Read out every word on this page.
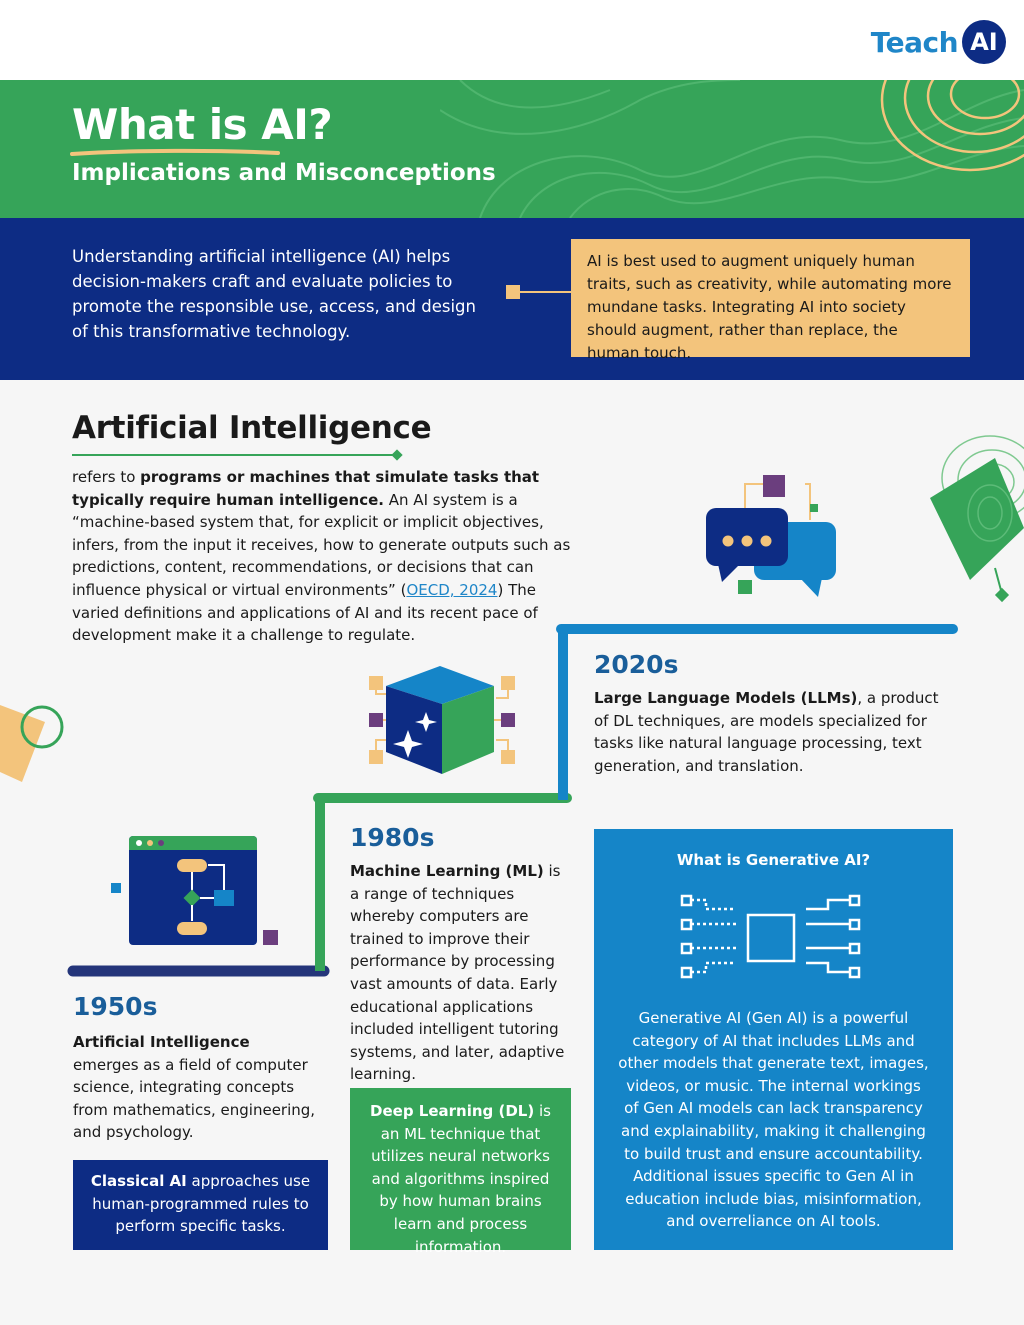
Teach AI
What is AI?
Implications and Misconceptions
Understanding artificial intelligence (AI) helps decision-makers craft and evaluate policies to promote the responsible use, access, and design of this transformative technology.
AI is best used to augment uniquely human traits, such as creativity, while automating more mundane tasks. Integrating AI into society should augment, rather than replace, the human touch.
Artificial Intelligence
refers to programs or machines that simulate tasks that typically require human intelligence. An AI system is a “machine-based system that, for explicit or implicit objectives, infers, from the input it receives, how to generate outputs such as predictions, content, recommendations, or decisions that can influence physical or virtual environments” (OECD, 2024) The varied definitions and applications of AI and its recent pace of development make it a challenge to regulate.
1950s
Artificial Intelligence emerges as a field of computer science, integrating concepts from mathematics, engineering, and psychology.
1980s
Machine Learning (ML) is a range of techniques whereby computers are trained to improve their performance by processing vast amounts of data. Early educational applications included intelligent tutoring systems, and later, adaptive learning.
2020s
Large Language Models (LLMs), a product of DL techniques, are models specialized for tasks like natural language processing, text generation, and translation.
Classical AI approaches use human-programmed rules to perform specific tasks.
Deep Learning (DL) is an ML technique that utilizes neural networks and algorithms inspired by how human brains learn and process information.
What is Generative AI?
Generative AI (Gen AI) is a powerful category of AI that includes LLMs and other models that generate text, images, videos, or music. The internal workings of Gen AI models can lack transparency and explainability, making it challenging to build trust and ensure accountability. Additional issues specific to Gen AI in education include bias, misinformation, and overreliance on AI tools.
